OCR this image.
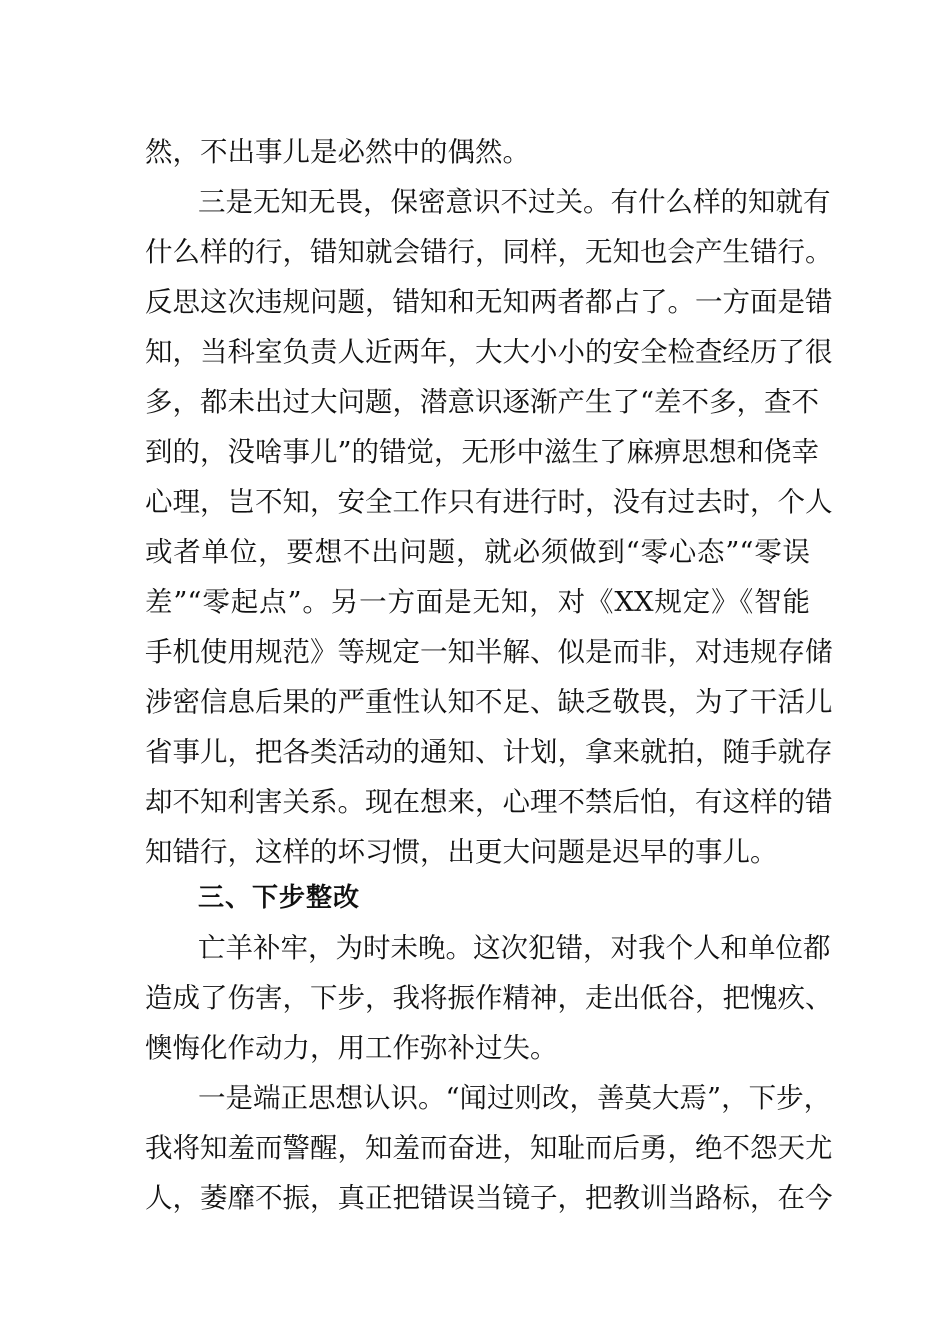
然，不出事儿是必然中的偶然。
三是无知无畏，保密意识不过关。有什么样的知就有
什么样的行，错知就会错行，同样，无知也会产生错行。
反思这次违规问题，错知和无知两者都占了。一方面是错
知，当科室负责人近两年，大大小小的安全检查经历了很
多，都未出过大问题，潜意识逐渐产生了“差不多，查不
到的，没啥事儿”的错觉，无形中滋生了麻痹思想和侥幸
心理，岂不知，安全工作只有进行时，没有过去时，个人
或者单位，要想不出问题，就必须做到“零心态”“零误
差”“零起点”。另一方面是无知，对《XX规定》《智能
手机使用规范》等规定一知半解、似是而非，对违规存储
涉密信息后果的严重性认知不足、缺乏敬畏，为了干活儿
省事儿，把各类活动的通知、计划，拿来就拍，随手就存
却不知利害关系。现在想来，心理不禁后怕，有这样的错
知错行，这样的坏习惯，出更大问题是迟早的事儿。
三、下步整改
亡羊补牢，为时未晚。这次犯错，对我个人和单位都
造成了伤害，下步，我将振作精神，走出低谷，把愧疚、
懊悔化作动力，用工作弥补过失。
一是端正思想认识。“闻过则改，善莫大焉”，下步，
我将知羞而警醒，知羞而奋进，知耻而后勇，绝不怨天尤
人，萎靡不振，真正把错误当镜子，把教训当路标，在今
